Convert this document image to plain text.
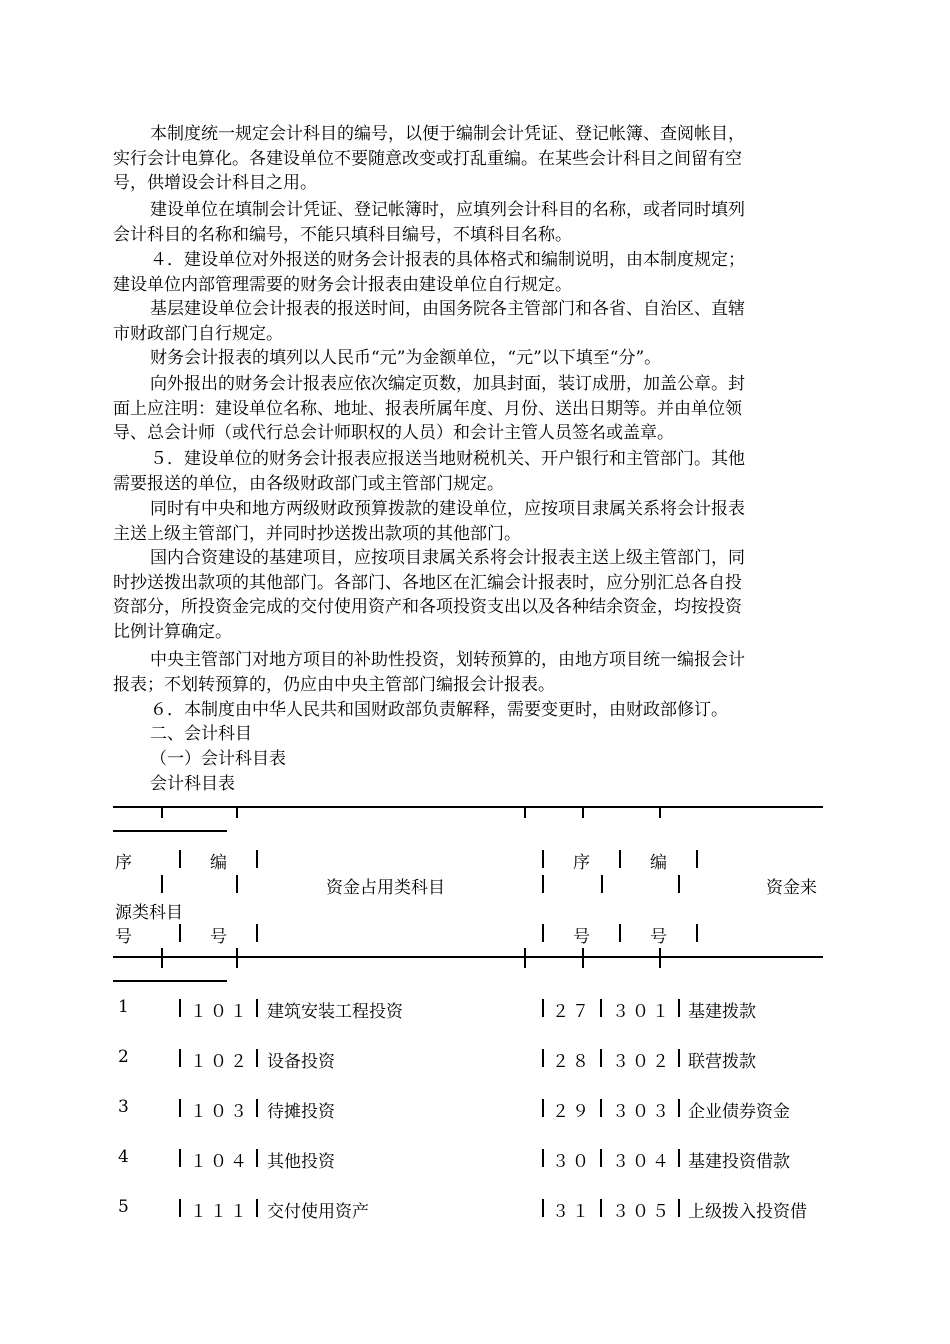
本制度统一规定会计科目的编号，以便于编制会计凭证、登记帐簿、查阅帐目，
实行会计电算化。各建设单位不要随意改变或打乱重编。在某些会计科目之间留有空
号，供增设会计科目之用。
建设单位在填制会计凭证、登记帐簿时，应填列会计科目的名称，或者同时填列
会计科目的名称和编号，不能只填科目编号，不填科目名称。
４．建设单位对外报送的财务会计报表的具体格式和编制说明，由本制度规定；
建设单位内部管理需要的财务会计报表由建设单位自行规定。
基层建设单位会计报表的报送时间，由国务院各主管部门和各省、自治区、直辖
市财政部门自行规定。
财务会计报表的填列以人民币“元”为金额单位，“元”以下填至“分”。
向外报出的财务会计报表应依次编定页数，加具封面，装订成册，加盖公章。封
面上应注明：建设单位名称、地址、报表所属年度、月份、送出日期等。并由单位领
导、总会计师（或代行总会计师职权的人员）和会计主管人员签名或盖章。
５．建设单位的财务会计报表应报送当地财税机关、开户银行和主管部门。其他
需要报送的单位，由各级财政部门或主管部门规定。
同时有中央和地方两级财政预算拨款的建设单位，应按项目隶属关系将会计报表
主送上级主管部门，并同时抄送拨出款项的其他部门。
国内合资建设的基建项目，应按项目隶属关系将会计报表主送上级主管部门，同
时抄送拨出款项的其他部门。各部门、各地区在汇编会计报表时，应分别汇总各自投
资部分，所投资金完成的交付使用资产和各项投资支出以及各种结余资金，均按投资
比例计算确定。
中央主管部门对地方项目的补助性投资，划转预算的，由地方项目统一编报会计
报表；不划转预算的，仍应由中央主管部门编报会计报表。
６．本制度由中华人民共和国财政部负责解释，需要变更时，由财政部修订。
二、会计科目
（一）会计科目表
会计科目表
序	编	序	编
资金占用类科目	资金来
源类科目
号	号	号	号
1	１０１ 建筑安装工程投资	２７ ３０１ 基建拨款
2	１０２ 设备投资	２８ ３０２ 联营拨款
3	１０３ 待摊投资	２９ ３０３ 企业债券资金
4	１０４ 其他投资	３０ ３０４ 基建投资借款
5	１１１ 交付使用资产	３１ ３０５ 上级拨入投资借
